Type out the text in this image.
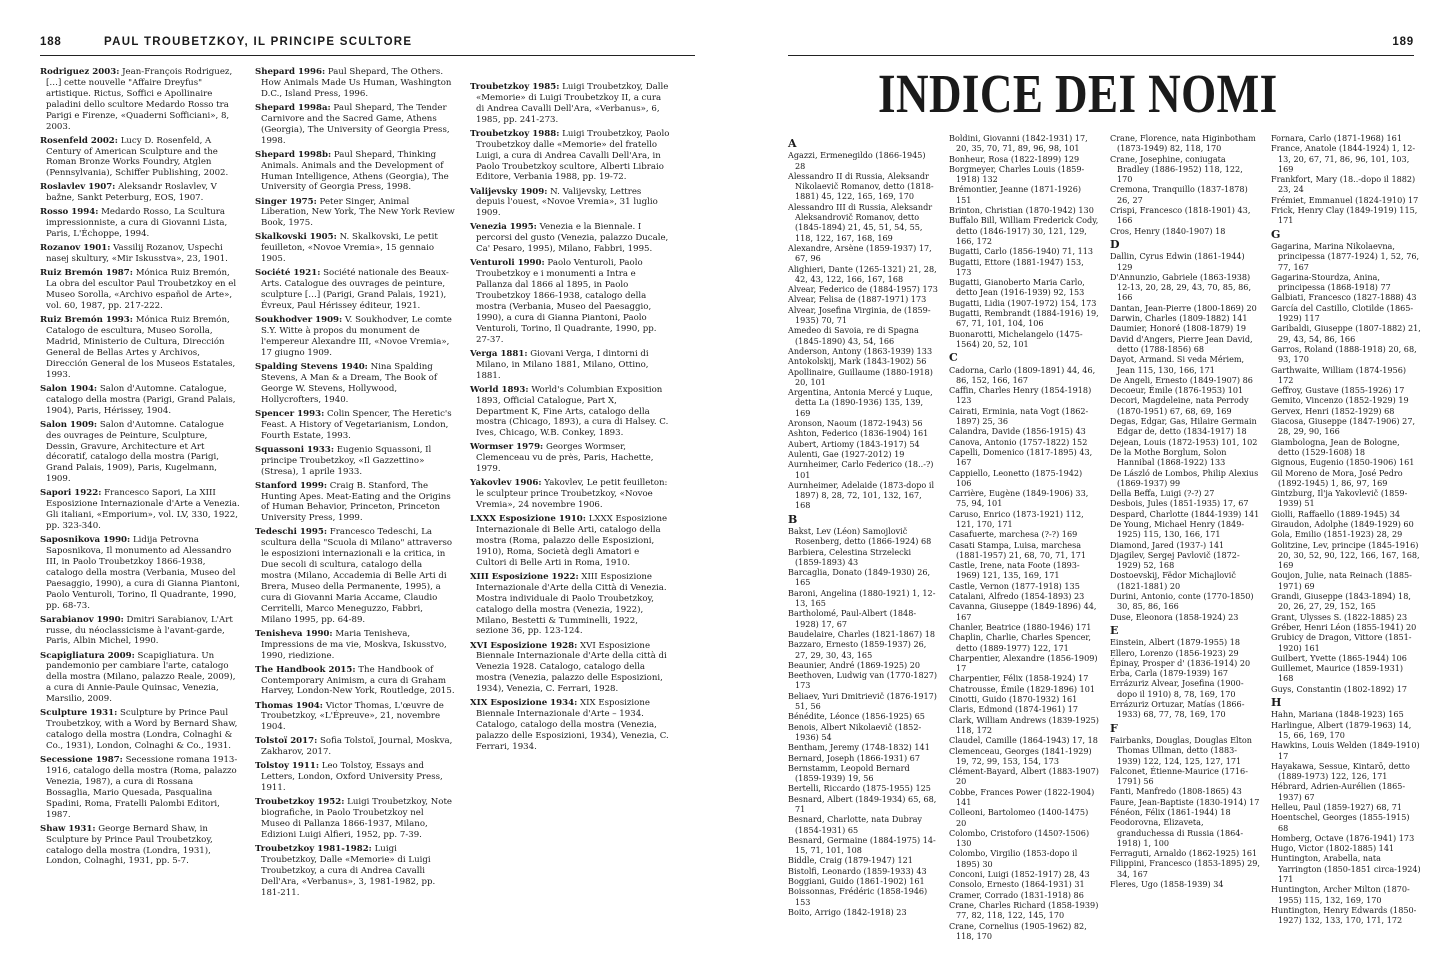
188	PAUL TROUBETZKOY, IL PRINCIPE SCULTORE
Rodriguez 2003: Jean-François Rodriguez, […] cette nouvelle "Affaire Dreyfus" artistique. Rictus, Soffici e Apollinaire paladini dello scultore Medardo Rosso tra Parigi e Firenze, «Quaderni Sofficiani», 8, 2003.
Rosenfeld 2002: Lucy D. Rosenfeld, A Century of American Sculpture and the Roman Bronze Works Foundry, Atglen (Pennsylvania), Schiffer Publishing, 2002.
Roslavlev 1907: Aleksandr Roslavlev, V bažne, Sankt Peterburg, EOS, 1907.
Rosso 1994: Medardo Rosso, La Scultura impressionniste, a cura di Giovanni Lista, Paris, L'Échoppe, 1994.
Rozanov 1901: Vassilij Rozanov, Uspechi nasej skultury, «Mir Iskusstva», 23, 1901.
Ruiz Bremón 1987: Mónica Ruiz Bremón, La obra del escultor Paul Troubetzkoy en el Museo Sorolla, «Archivo español de Arte», vol. 60, 1987, pp. 217-222.
Ruiz Bremón 1993: Mónica Ruiz Bremón, Catalogo de escultura, Museo Sorolla, Madrid, Ministerio de Cultura, Dirección General de Bellas Artes y Archivos, Dirección General de los Museos Estatales, 1993.
Salon 1904: Salon d'Automne. Catalogue, catalogo della mostra (Parigi, Grand Palais, 1904), Paris, Hérissey, 1904.
Salon 1909: Salon d'Automne. Catalogue des ouvrages de Peinture, Sculpture, Dessin, Gravure, Architecture et Art décoratif, catalogo della mostra (Parigi, Grand Palais, 1909), Paris, Kugelmann, 1909.
Sapori 1922: Francesco Sapori, La XIII Esposizione Internazionale d'Arte a Venezia. Gli italiani, «Emporium», vol. LV, 330, 1922, pp. 323-340.
Saposnikova 1990: Lidija Petrovna Saposnikova, Il monumento ad Alessandro III, in Paolo Troubetzkoy 1866-1938, catalogo della mostra (Verbania, Museo del Paesaggio, 1990), a cura di Gianna Piantoni, Paolo Venturoli, Torino, Il Quadrante, 1990, pp. 68-73.
Sarabianov 1990: Dmitri Sarabianov, L'Art russe, du néoclassicisme à l'avant-garde, Paris, Albin Michel, 1990.
Scapigliatura 2009: Scapigliatura. Un pandemonio per cambiare l'arte, catalogo della mostra (Milano, palazzo Reale, 2009), a cura di Annie-Paule Quinsac, Venezia, Marsilio, 2009.
Sculpture 1931: Sculpture by Prince Paul Troubetzkoy, with a Word by Bernard Shaw, catalogo della mostra (Londra, Colnaghi & Co., 1931), London, Colnaghi & Co., 1931.
Secessione 1987: Secessione romana 1913-1916, catalogo della mostra (Roma, palazzo Venezia, 1987), a cura di Rossana Bossaglia, Mario Quesada, Pasqualina Spadini, Roma, Fratelli Palombi Editori, 1987.
Shaw 1931: George Bernard Shaw, in Sculpture by Prince Paul Troubetzkoy, catalogo della mostra (Londra, 1931), London, Colnaghi, 1931, pp. 5-7.
Shepard 1996: Paul Shepard, The Others. How Animals Made Us Human, Washington D.C., Island Press, 1996.
Shepard 1998a: Paul Shepard, The Tender Carnivore and the Sacred Game, Athens (Georgia), The University of Georgia Press, 1998.
Shepard 1998b: Paul Shepard, Thinking Animals. Animals and the Development of Human Intelligence, Athens (Georgia), The University of Georgia Press, 1998.
Singer 1975: Peter Singer, Animal Liberation, New York, The New York Review Book, 1975.
Skalkovski 1905: N. Skalkovski, Le petit feuilleton, «Novoe Vremia», 15 gennaio 1905.
Société 1921: Société nationale des Beaux-Arts. Catalogue des ouvrages de peinture, sculpture […] (Parigi, Grand Palais, 1921), Évreux, Paul Hérissey éditeur, 1921.
Soukhodver 1909: V. Soukhodver, Le comte S.Y. Witte à propos du monument de l'empereur Alexandre III, «Novoe Vremia», 17 giugno 1909.
Spalding Stevens 1940: Nina Spalding Stevens, A Man & a Dream, The Book of George W. Stevens, Hollywood, Hollycrofters, 1940.
Spencer 1993: Colin Spencer, The Heretic's Feast. A History of Vegetarianism, London, Fourth Estate, 1993.
Squassoni 1933: Eugenio Squassoni, Il principe Troubetzkoy, «Il Gazzettino» (Stresa), 1 aprile 1933.
Stanford 1999: Craig B. Stanford, The Hunting Apes. Meat-Eating and the Origins of Human Behavior, Princeton, Princeton University Press, 1999.
Tedeschi 1995: Francesco Tedeschi, La scultura della "Scuola di Milano" attraverso le esposizioni internazionali e la critica, in Due secoli di scultura, catalogo della mostra (Milano, Accademia di Belle Arti di Brera, Museo della Permanente, 1995), a cura di Giovanni Maria Accame, Claudio Cerritelli, Marco Meneguzzo, Fabbri, Milano 1995, pp. 64-89.
Tenisheva 1990: Maria Tenisheva, Impressions de ma vie, Moskva, Iskusstvo, 1990, riedizione.
The Handbook 2015: The Handbook of Contemporary Animism, a cura di Graham Harvey, London-New York, Routledge, 2015.
Thomas 1904: Victor Thomas, L'œuvre de Troubetzkoy, «L'Épreuve», 21, novembre 1904.
Tolstoï 2017: Sofia Tolstoï, Journal, Moskva, Zakharov, 2017.
Tolstoy 1911: Leo Tolstoy, Essays and Letters, London, Oxford University Press, 1911.
Troubetzkoy 1952: Luigi Troubetzkoy, Note biografiche, in Paolo Troubetzkoy nel Museo di Pallanza 1866-1937, Milano, Edizioni Luigi Alfieri, 1952, pp. 7-39.
Troubetzkoy 1981-1982: Luigi Troubetzkoy, Dalle «Memorie» di Luigi Troubetzkoy, a cura di Andrea Cavalli Dell'Ara, «Verbanus», 3, 1981-1982, pp. 181-211.
Troubetzkoy 1985: Luigi Troubetzkoy, Dalle «Memorie» di Luigi Troubetzkoy II, a cura di Andrea Cavalli Dell'Ara, «Verbanus», 6, 1985, pp. 241-273.
Troubetzkoy 1988: Luigi Troubetzkoy, Paolo Troubetzkoy dalle «Memorie» del fratello Luigi, a cura di Andrea Cavalli Dell'Ara, in Paolo Troubetzkoy scultore, Alberti Libraio Editore, Verbania 1988, pp. 19-72.
Valijevsky 1909: N. Valijevsky, Lettres depuis l'ouest, «Novoe Vremia», 31 luglio 1909.
Venezia 1995: Venezia e la Biennale. I percorsi del gusto (Venezia, palazzo Ducale, Ca' Pesaro, 1995), Milano, Fabbri, 1995.
Venturoli 1990: Paolo Venturoli, Paolo Troubetzkoy e i monumenti a Intra e Pallanza dal 1866 al 1895, in Paolo Troubetzkoy 1866-1938, catalogo della mostra (Verbania, Museo del Paesaggio, 1990), a cura di Gianna Piantoni, Paolo Venturoli, Torino, Il Quadrante, 1990, pp. 27-37.
Verga 1881: Giovani Verga, I dintorni di Milano, in Milano 1881, Milano, Ottino, 1881.
World 1893: World's Columbian Exposition 1893, Official Catalogue, Part X, Department K, Fine Arts, catalogo della mostra (Chicago, 1893), a cura di Halsey. C. Ives, Chicago, W.B. Conkey, 1893.
Wormser 1979: Georges Wormser, Clemenceau vu de près, Paris, Hachette, 1979.
Yakovlev 1906: Yakovlev, Le petit feuilleton: le sculpteur prince Troubetzkoy, «Novoe Vremia», 24 novembre 1906.
LXXX Esposizione 1910: LXXX Esposizione Internazionale di Belle Arti, catalogo della mostra (Roma, palazzo delle Esposizioni, 1910), Roma, Società degli Amatori e Cultori di Belle Arti in Roma, 1910.
XIII Esposizione 1922: XIII Esposizione Internazionale d'Arte della Città di Venezia. Mostra individuale di Paolo Troubetzkoy, catalogo della mostra (Venezia, 1922), Milano, Bestetti & Tumminelli, 1922, sezione 36, pp. 123-124.
XVI Esposizione 1928: XVI Esposizione Biennale Internazionale d'Arte della città di Venezia 1928. Catalogo, catalogo della mostra (Venezia, palazzo delle Esposizioni, 1934), Venezia, C. Ferrari, 1928.
XIX Esposizione 1934: XIX Esposizione Biennale Internazionale d'Arte – 1934. Catalogo, catalogo della mostra (Venezia, palazzo delle Esposizioni, 1934), Venezia, C. Ferrari, 1934.
189
INDICE DEI NOMI
A
Agazzi, Ermenegildo (1866-1945) 28
Alessandro II di Russia, Aleksandr Nikolaevič Romanov, detto (1818-1881) 45, 122, 165, 169, 170
Alessandro III di Russia, Aleksandr Aleksandrovič Romanov, detto (1845-1894) 21, 45, 51, 54, 55, 118, 122, 167, 168, 169
Alexandre, Arsène (1859-1937) 17, 67, 96
Alighieri, Dante (1265-1321) 21, 28, 42, 43, 122, 166, 167, 168
Alvear, Federico de (1884-1957) 173
Alvear, Felisa de (1887-1971) 173
Alvear, Josefina Virginia, de (1859-1935) 70, 71
Amedeo di Savoia, re di Spagna (1845-1890) 43, 54, 166
Anderson, Antony (1863-1939) 133
Antokolskij, Mark (1843-1902) 56
Apollinaire, Guillaume (1880-1918) 20, 101
Argentina, Antonia Mercé y Luque, detta La (1890-1936) 135, 139, 169
Aronson, Naoum (1872-1943) 56
Ashton, Federico (1836-1904) 161
Aubert, Artiomy (1843-1917) 54
Aulenti, Gae (1927-2012) 19
Aurnheimer, Carlo Federico (18..-?) 101
Aurnheimer, Adelaide (1873-dopo il 1897) 8, 28, 72, 101, 132, 167, 168
B
Bakst, Lev (Léon) Samojlovič Rosenberg, detto (1866-1924) 68
Barbiera, Celestina Strzelecki (1859-1893) 43
Barcaglia, Donato (1849-1930) 26, 165
Baroni, Angelina (1880-1921) 1, 12-13, 165
Bartholomé, Paul-Albert (1848-1928) 17, 67
Baudelaire, Charles (1821-1867) 18
Bazzaro, Ernesto (1859-1937) 26, 27, 29, 30, 43, 165
Beaunier, André (1869-1925) 20
Beethoven, Ludwig van (1770-1827) 173
Beliaev, Yuri Dmitrievič (1876-1917) 51, 56
Bénédite, Léonce (1856-1925) 65
Benois, Albert Nikolaevič (1852-1936) 54
Bentham, Jeremy (1748-1832) 141
Bernard, Joseph (1866-1931) 67
Bernstamm, Leopold Bernard (1859-1939) 19, 56
Bertelli, Riccardo (1875-1955) 125
Besnard, Albert (1849-1934) 65, 68, 71
Besnard, Charlotte, nata Dubray (1854-1931) 65
Besnard, Germaine (1884-1975) 14-15, 71, 101, 108
Biddle, Craig (1879-1947) 121
Bistolfi, Leonardo (1859-1933) 43
Boggiani, Guido (1861-1902) 161
Boissonnas, Frédéric (1858-1946) 153
Boito, Arrigo (1842-1918) 23
Boldini, Giovanni (1842-1931) 17, 20, 35, 70, 71, 89, 96, 98, 101
Bonheur, Rosa (1822-1899) 129
Borgmeyer, Charles Louis (1859-1918) 132
Brémontier, Jeanne (1871-1926) 151
Brinton, Christian (1870-1942) 130
Buffalo Bill, William Frederick Cody, detto (1846-1917) 30, 121, 129, 166, 172
Bugatti, Carlo (1856-1940) 71, 113
Bugatti, Ettore (1881-1947) 153, 173
Bugatti, Gianoberto Maria Carlo, detto Jean (1916-1939) 92, 153
Bugatti, Lidia (1907-1972) 154, 173
Bugatti, Rembrandt (1884-1916) 19, 67, 71, 101, 104, 106
Buonarotti, Michelangelo (1475-1564) 20, 52, 101
C
Cadorna, Carlo (1809-1891) 44, 46, 86, 152, 166, 167
Caffin, Charles Henry (1854-1918) 123
Cairati, Erminia, nata Vogt (1862-1897) 25, 36
Calandra, Davide (1856-1915) 43
Canova, Antonio (1757-1822) 152
Capelli, Domenico (1817-1895) 43, 167
Cappiello, Leonetto (1875-1942) 106
Carrière, Eugène (1849-1906) 33, 75, 94, 101
Caruso, Enrico (1873-1921) 112, 121, 170, 171
Casafuerte, marchesa (?-?) 169
Casati Stampa, Luisa, marchesa (1881-1957) 21, 68, 70, 71, 171
Castle, Irene, nata Foote (1893-1969) 121, 135, 169, 171
Castle, Vernon (1877-1918) 135
Catalani, Alfredo (1854-1893) 23
Cavanna, Giuseppe (1849-1896) 44, 167
Chanler, Beatrice (1880-1946) 171
Chaplin, Charlie, Charles Spencer, detto (1889-1977) 122, 171
Charpentier, Alexandre (1856-1909) 17
Charpentier, Félix (1858-1924) 17
Chatrousse, Émile (1829-1896) 101
Cinotti, Guido (1870-1932) 161
Claris, Edmond (1874-1961) 17
Clark, William Andrews (1839-1925) 118, 172
Claudel, Camille (1864-1943) 17, 18
Clemenceau, Georges (1841-1929) 19, 72, 99, 153, 154, 173
Clément-Bayard, Albert (1883-1907) 20
Cobbe, Frances Power (1822-1904) 141
Colleoni, Bartolomeo (1400-1475) 20
Colombo, Cristoforo (1450?-1506) 130
Colombo, Virgilio (1853-dopo il 1895) 30
Conconi, Luigi (1852-1917) 28, 43
Consolo, Ernesto (1864-1931) 31
Cramer, Corrado (1831-1918) 86
Crane, Charles Richard (1858-1939) 77, 82, 118, 122, 145, 170
Crane, Cornelius (1905-1962) 82, 118, 170
Crane, Florence, nata Higinbotham (1873-1949) 82, 118, 170
Crane, Josephine, coniugata Bradley (1886-1952) 118, 122, 170
Cremona, Tranquillo (1837-1878) 26, 27
Crispi, Francesco (1818-1901) 43, 166
Cros, Henry (1840-1907) 18
D
Dallin, Cyrus Edwin (1861-1944) 129
D'Annunzio, Gabriele (1863-1938) 12-13, 20, 28, 29, 43, 70, 85, 86, 166
Dantan, Jean-Pierre (1800-1869) 20
Darwin, Charles (1809-1882) 141
Daumier, Honoré (1808-1879) 19
David d'Angers, Pierre Jean David, detto (1788-1856) 68
Dayot, Armand. Si veda Mériem, Jean 115, 130, 166, 171
De Angeli, Ernesto (1849-1907) 86
Decoeur, Émile (1876-1953) 101
Decori, Magdeleine, nata Perrody (1870-1951) 67, 68, 69, 169
Degas, Edgar, Gas, Hilaire Germain Edgar de, detto (1834-1917) 18
Dejean, Louis (1872-1953) 101, 102
De la Mothe Borglum, Solon Hannibal (1868-1922) 133
De László de Lombos, Philip Alexius (1869-1937) 99
Della Beffa, Luigi (?-?) 27
Desbois, Jules (1851-1935) 17, 67
Despard, Charlotte (1844-1939) 141
De Young, Michael Henry (1849-1925) 115, 130, 166, 171
Diamond, Jared (1937-) 141
Djagilev, Sergej Pavlovič (1872-1929) 52, 168
Dostoevskij, Fëdor Michajlovič (1821-1881) 20
Durini, Antonio, conte (1770-1850) 30, 85, 86, 166
Duse, Eleonora (1858-1924) 23
E
Einstein, Albert (1879-1955) 18
Ellero, Lorenzo (1856-1923) 29
Épinay, Prosper d' (1836-1914) 20
Erba, Carla (1879-1939) 167
Errázuriz Alvear, Josefina (1900-dopo il 1910) 8, 78, 169, 170
Errázuriz Ortuzar, Matías (1866-1933) 68, 77, 78, 169, 170
F
Fairbanks, Douglas, Douglas Elton Thomas Ullman, detto (1883-1939) 122, 124, 125, 127, 171
Falconet, Étienne-Maurice (1716-1791) 56
Fanti, Manfredo (1808-1865) 43
Faure, Jean-Baptiste (1830-1914) 17
Fénéon, Félix (1861-1944) 18
Feodorovna, Elizaveta, granduchessa di Russia (1864-1918) 1, 100
Ferraguti, Arnaldo (1862-1925) 161
Filippini, Francesco (1853-1895) 29, 34, 167
Fleres, Ugo (1858-1939) 34
Fornara, Carlo (1871-1968) 161
France, Anatole (1844-1924) 1, 12-13, 20, 67, 71, 86, 96, 101, 103, 169
Frankfort, Mary (18..-dopo il 1882) 23, 24
Frémiet, Emmanuel (1824-1910) 17
Frick, Henry Clay (1849-1919) 115, 171
G
Gagarina, Marina Nikolaevna, principessa (1877-1924) 1, 52, 76, 77, 167
Gagarina-Stourdza, Anina, principessa (1868-1918) 77
Galbiati, Francesco (1827-1888) 43
García del Castillo, Clotilde (1865-1929) 117
Garibaldi, Giuseppe (1807-1882) 21, 29, 43, 54, 86, 166
Garros, Roland (1888-1918) 20, 68, 93, 170
Garthwaite, William (1874-1956) 172
Geffroy, Gustave (1855-1926) 17
Gemito, Vincenzo (1852-1929) 19
Gervex, Henri (1852-1929) 68
Giacosa, Giuseppe (1847-1906) 27, 28, 29, 90, 166
Giambologna, Jean de Bologne, detto (1529-1608) 18
Gignous, Eugenio (1850-1906) 161
Gil Moreno de Mora, José Pedro (1892-1945) 1, 86, 97, 169
Gintzburg, Il'ja Yakovlevič (1859-1939) 51
Giolli, Raffaello (1889-1945) 34
Giraudon, Adolphe (1849-1929) 60
Gola, Emilio (1851-1923) 28, 29
Golitzine, Lev, principe (1845-1916) 20, 30, 52, 90, 122, 166, 167, 168, 169
Goujon, Julie, nata Reinach (1885-1971) 69
Grandi, Giuseppe (1843-1894) 18, 20, 26, 27, 29, 152, 165
Grant, Ulysses S. (1822-1885) 23
Gréber, Henri Léon (1855-1941) 20
Grubicy de Dragon, Vittore (1851-1920) 161
Guilbert, Yvette (1865-1944) 106
Guillemet, Maurice (1859-1931) 168
Guys, Constantin (1802-1892) 17
H
Hahn, Mariana (1848-1923) 165
Harlingue, Albert (1879-1963) 14, 15, 66, 169, 170
Hawkins, Louis Welden (1849-1910) 17
Hayakawa, Sessue, Kintarō, detto (1889-1973) 122, 126, 171
Hébrard, Adrien-Aurélien (1865-1937) 67
Helleu, Paul (1859-1927) 68, 71
Hoentschel, Georges (1855-1915) 68
Homberg, Octave (1876-1941) 173
Hugo, Victor (1802-1885) 141
Huntington, Arabella, nata Yarrington (1850-1851 circa-1924) 171
Huntington, Archer Milton (1870-1955) 115, 132, 169, 170
Huntington, Henry Edwards (1850-1927) 132, 133, 170, 171, 172
